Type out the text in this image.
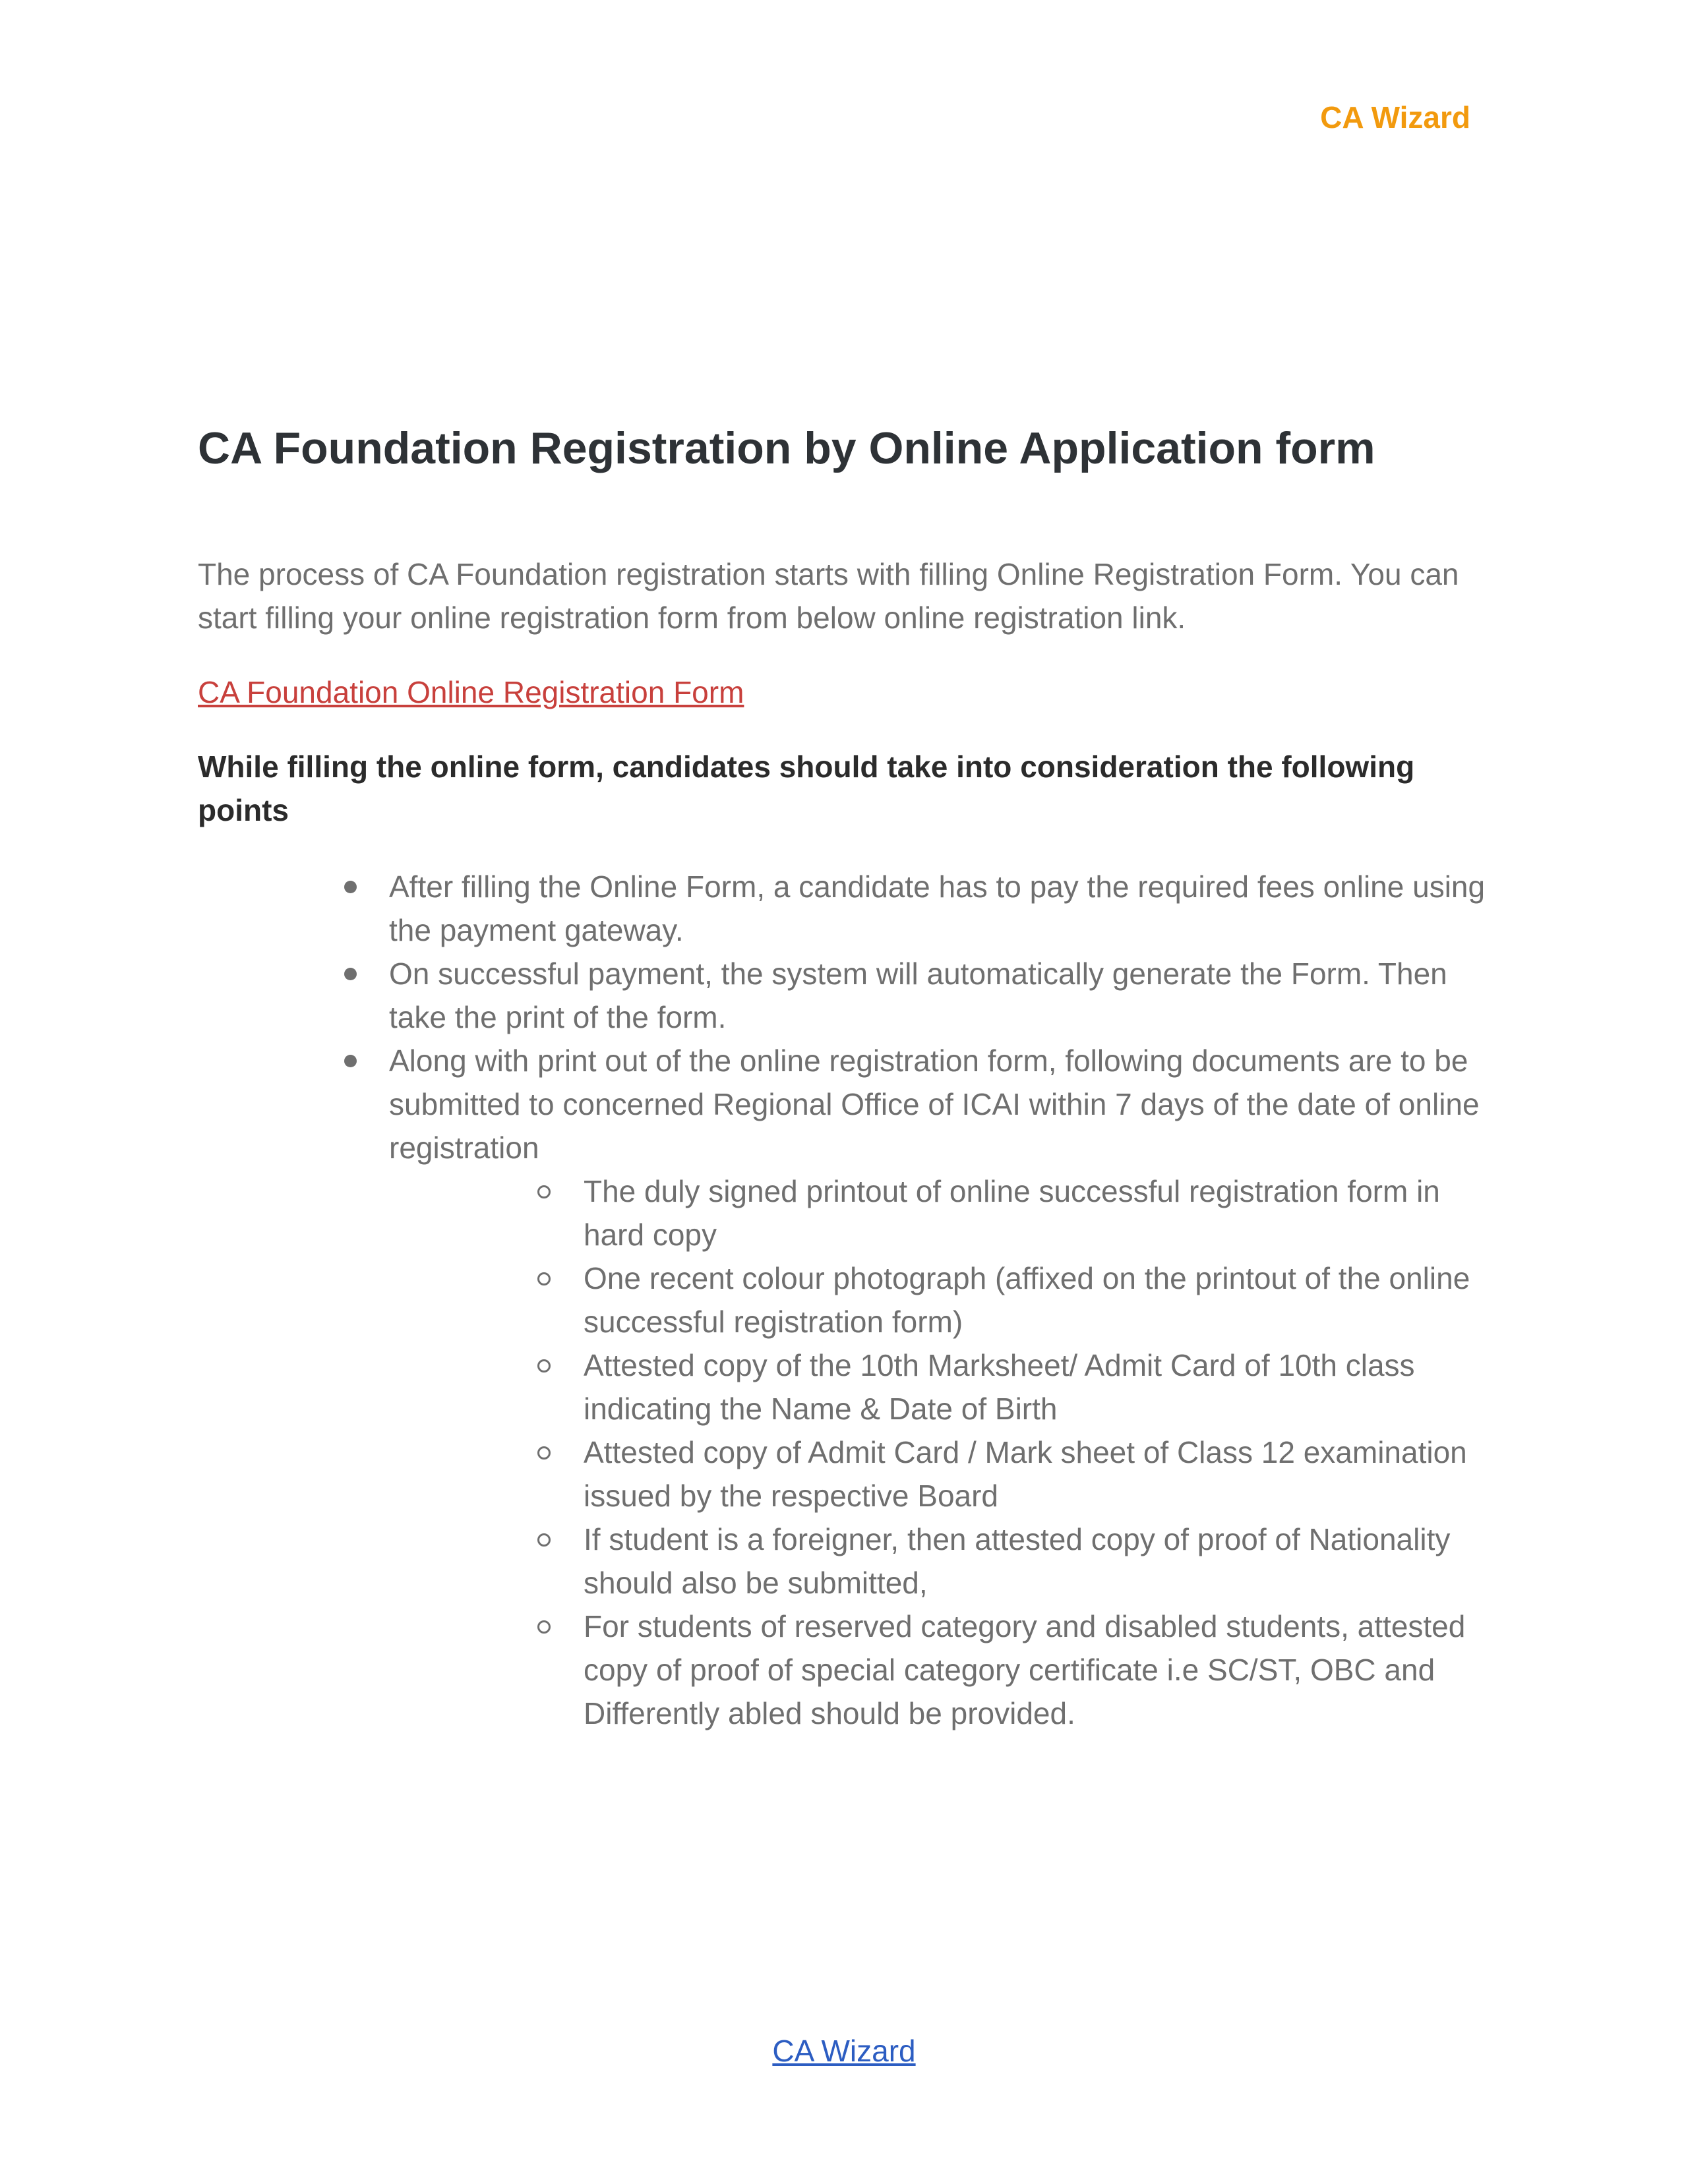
CA Wizard

CA Foundation Registration by Online Application form

The process of CA Foundation registration starts with filling Online Registration Form. You can start filling your online registration form from below online registration link.

CA Foundation Online Registration Form

While filling the online form, candidates should take into consideration the following points

After filling the Online Form, a candidate has to pay the required fees online using the payment gateway.
On successful payment, the system will automatically generate the Form. Then take the print of the form.
Along with print out of the online registration form, following documents are to be submitted to concerned Regional Office of ICAI within 7 days of the date of online registration
The duly signed printout of online successful registration form in hard copy
One recent colour photograph (affixed on the printout of the online successful registration form)
Attested copy of the 10th Marksheet/ Admit Card of 10th class indicating the Name & Date of Birth
Attested copy of Admit Card / Mark sheet of Class 12 examination issued by the respective Board
If student is a foreigner, then attested copy of proof of Nationality should also be submitted,
For students of reserved category and disabled students, attested copy of proof of special category certificate i.e SC/ST, OBC and Differently abled should be provided.
CA Wizard
